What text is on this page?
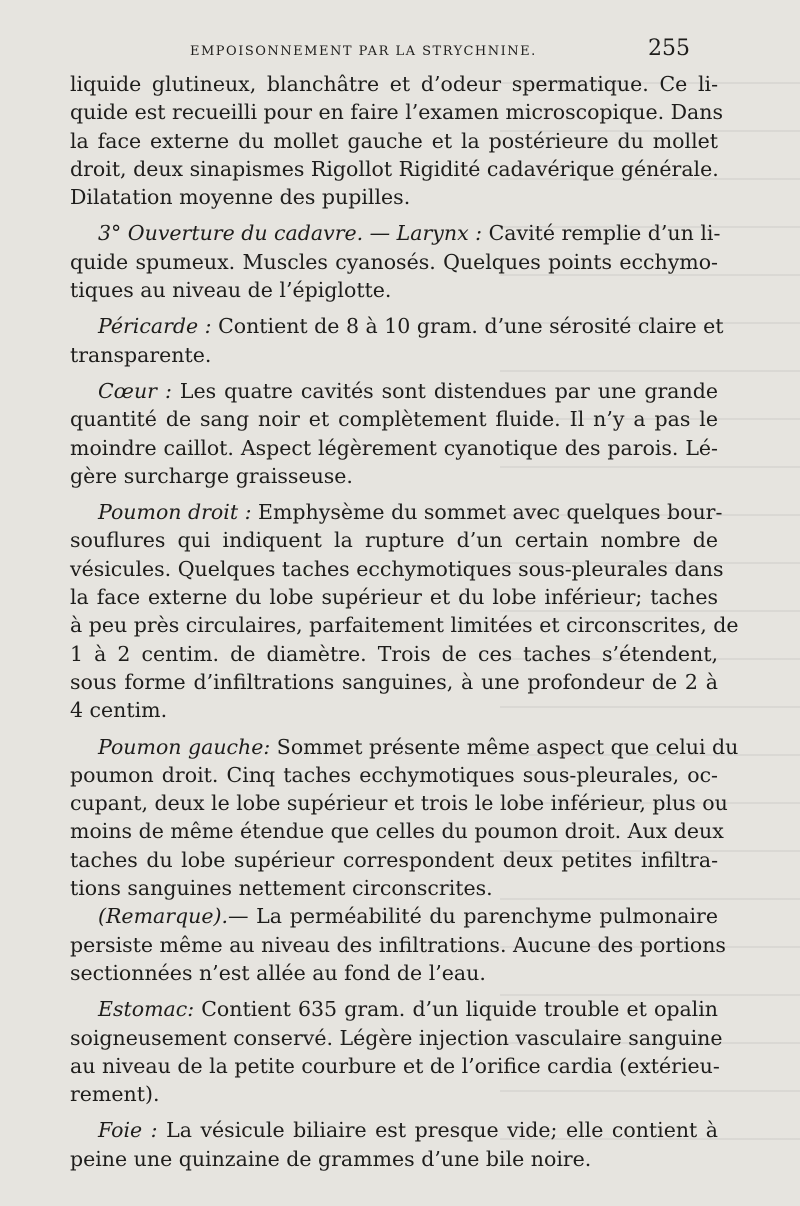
EMPOISONNEMENT PAR LA STRYCHNINE.	255
liquide glutineux, blanchâtre et d’odeur spermatique. Ce li-
quide est recueilli pour en faire l’examen microscopique. Dans
la face externe du mollet gauche et la postérieure du mollet
droit, deux sinapismes Rigollot Rigidité cadavérique générale.
Dilatation moyenne des pupilles.
3° Ouverture du cadavre. — Larynx : Cavité remplie d’un li-
quide spumeux. Muscles cyanosés. Quelques points ecchymo-
tiques au niveau de l’épiglotte.
Péricarde : Contient de 8 à 10 gram. d’une sérosité claire et
transparente.
Cœur : Les quatre cavités sont distendues par une grande
quantité de sang noir et complètement fluide. Il n’y a pas le
moindre caillot. Aspect légèrement cyanotique des parois. Lé-
gère surcharge graisseuse.
Poumon droit : Emphysème du sommet avec quelques bour-
souflures qui indiquent la rupture d’un certain nombre de
vésicules. Quelques taches ecchymotiques sous-pleurales dans
la face externe du lobe supérieur et du lobe inférieur; taches
à peu près circulaires, parfaitement limitées et circonscrites, de
1 à 2 centim. de diamètre. Trois de ces taches s’étendent,
sous forme d’infiltrations sanguines, à une profondeur de 2 à
4 centim.
Poumon gauche: Sommet présente même aspect que celui du
poumon droit. Cinq taches ecchymotiques sous-pleurales, oc-
cupant, deux le lobe supérieur et trois le lobe inférieur, plus ou
moins de même étendue que celles du poumon droit. Aux deux
taches du lobe supérieur correspondent deux petites infiltra-
tions sanguines nettement circonscrites.
(Remarque).— La perméabilité du parenchyme pulmonaire
persiste même au niveau des infiltrations. Aucune des portions
sectionnées n’est allée au fond de l’eau.
Estomac: Contient 635 gram. d’un liquide trouble et opalin
soigneusement conservé. Légère injection vasculaire sanguine
au niveau de la petite courbure et de l’orifice cardia (extérieu-
rement).
Foie : La vésicule biliaire est presque vide; elle contient à
peine une quinzaine de grammes d’une bile noire.
